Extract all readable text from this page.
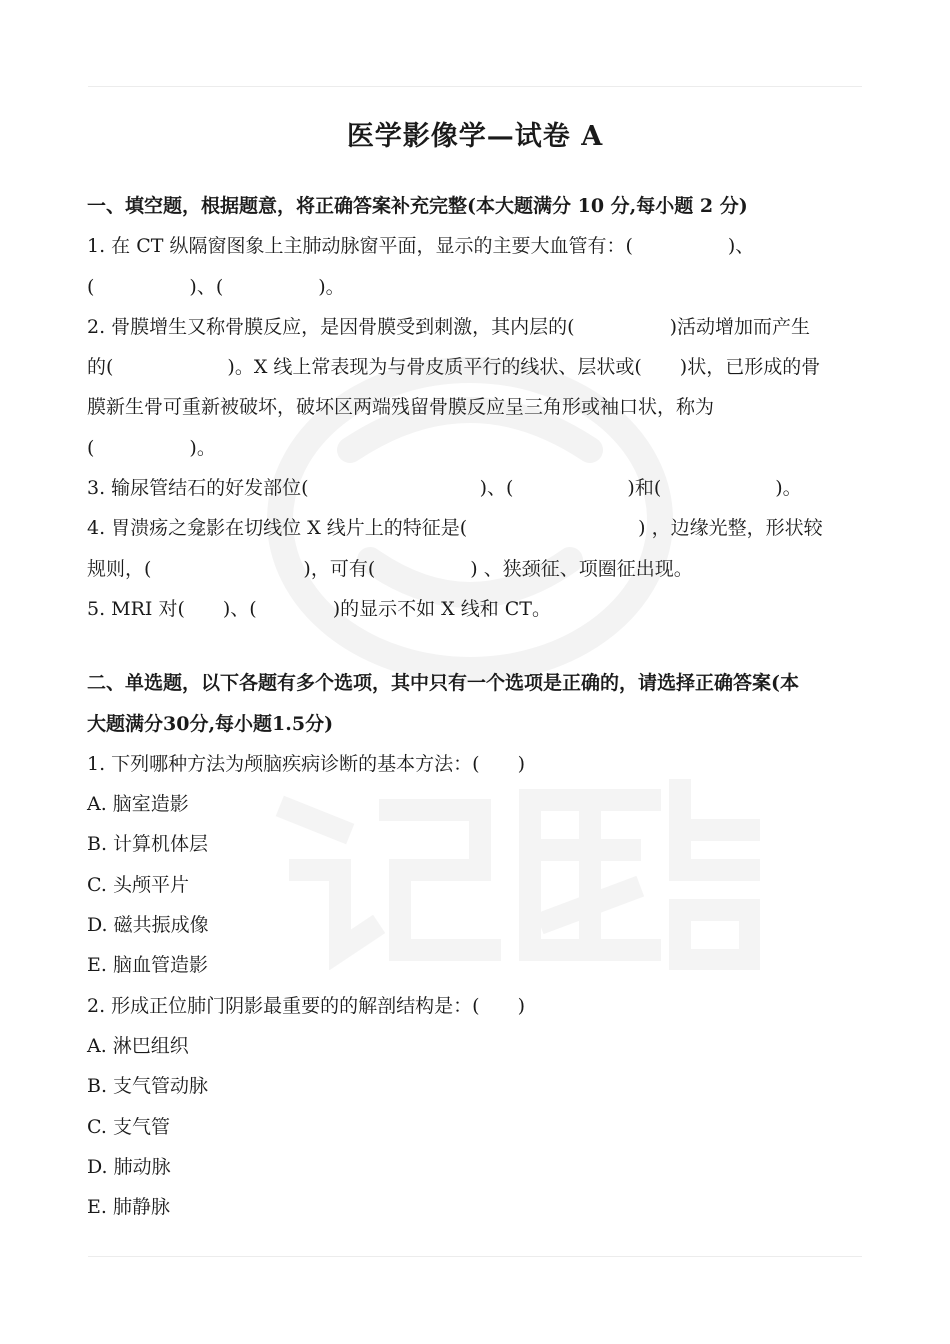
医学影像学—试卷 A
一、填空题，根据题意，将正确答案补充完整(本大题满分 10 分,每小题 2 分)
1. 在 CT 纵隔窗图象上主肺动脉窗平面，显示的主要大血管有：(　　　　　)、
(　　　　　)、(　　　　　)。
2. 骨膜增生又称骨膜反应，是因骨膜受到刺激，其内层的(　　　　　)活动增加而产生
的(　　　　　　)。X 线上常表现为与骨皮质平行的线状、层状或(　　)状，已形成的骨
膜新生骨可重新被破坏，破坏区两端残留骨膜反应呈三角形或袖口状，称为
(　　　　　)。
3. 输尿管结石的好发部位(　　　　　　　　　)、(　　　　　　)和(　　　　　　)。
4. 胃溃疡之龛影在切线位 X 线片上的特征是(　　　　　　　　　) ，边缘光整，形状较
规则，(　　　　　　　　)，可有(　　　　　) 、狭颈征、项圈征出现。
5. MRI 对(　　)、(　　　　)的显示不如 X 线和 CT。
二、单选题，以下各题有多个选项，其中只有一个选项是正确的，请选择正确答案(本
大题满分30分,每小题1.5分)
1. 下列哪种方法为颅脑疾病诊断的基本方法：(　　)
A. 脑室造影
B. 计算机体层
C. 头颅平片
D. 磁共振成像
E. 脑血管造影
2. 形成正位肺门阴影最重要的的解剖结构是：(　　)
A. 淋巴组织
B. 支气管动脉
C. 支气管
D. 肺动脉
E. 肺静脉
